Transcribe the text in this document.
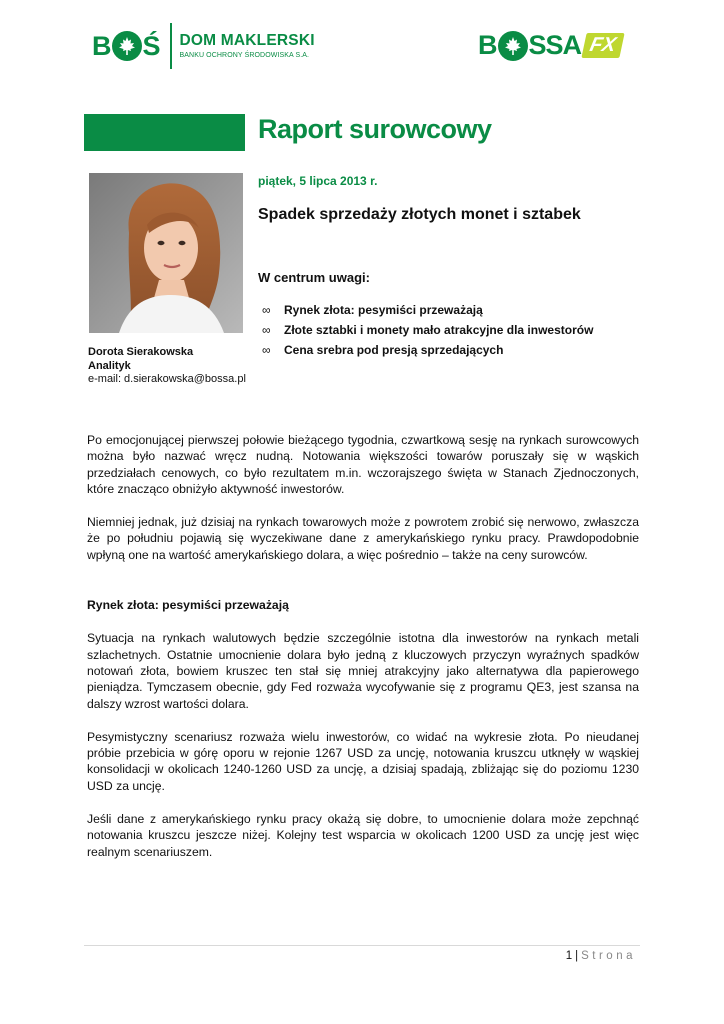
B Ś DOM MAKLERSKI
BANKU OCHRONY ŚRODOWISKA S.A.	B SSA FX
Raport surowcowy
Dorota Sierakowska
Analityk
e-mail: d.sierakowska@bossa.pl
piątek, 5 lipca 2013 r.
Spadek sprzedaży złotych monet i sztabek
W centrum uwagi:
∞	Rynek złota: pesymiści przeważają
∞	Złote sztabki i monety mało atrakcyjne dla inwestorów
∞	Cena srebra pod presją sprzedających

Po emocjonującej pierwszej połowie bieżącego tygodnia, czwartkową sesję na rynkach surowcowych można było nazwać wręcz nudną. Notowania większości towarów poruszały się w wąskich przedziałach cenowych, co było rezultatem m.in. wczorajszego święta w Stanach Zjednoczonych, które znacząco obniżyło aktywność inwestorów.

Niemniej jednak, już dzisiaj na rynkach towarowych może z powrotem zrobić się nerwowo, zwłaszcza że po południu pojawią się wyczekiwane dane z amerykańskiego rynku pracy. Prawdopodobnie wpłyną one na wartość amerykańskiego dolara, a więc pośrednio – także na ceny surowców.

Rynek złota: pesymiści przeważają

Sytuacja na rynkach walutowych będzie szczególnie istotna dla inwestorów na rynkach metali szlachetnych. Ostatnie umocnienie dolara było jedną z kluczowych przyczyn wyraźnych spadków notowań złota, bowiem kruszec ten stał się mniej atrakcyjny jako alternatywa dla papierowego pieniądza. Tymczasem obecnie, gdy Fed rozważa wycofywanie się z programu QE3, jest szansa na dalszy wzrost wartości dolara.

Pesymistyczny scenariusz rozważa wielu inwestorów, co widać na wykresie złota. Po nieudanej próbie przebicia w górę oporu w rejonie 1267 USD za uncję, notowania kruszcu utknęły w wąskiej konsolidacji w okolicach 1240-1260 USD za uncję, a dzisiaj spadają, zbliżając się do poziomu 1230 USD za uncję.

Jeśli dane z amerykańskiego rynku pracy okażą się dobre, to umocnienie dolara może zepchnąć notowania kruszcu jeszcze niżej. Kolejny test wsparcia w okolicach 1200 USD za uncję jest więc realnym scenariuszem.

1 | Strona
